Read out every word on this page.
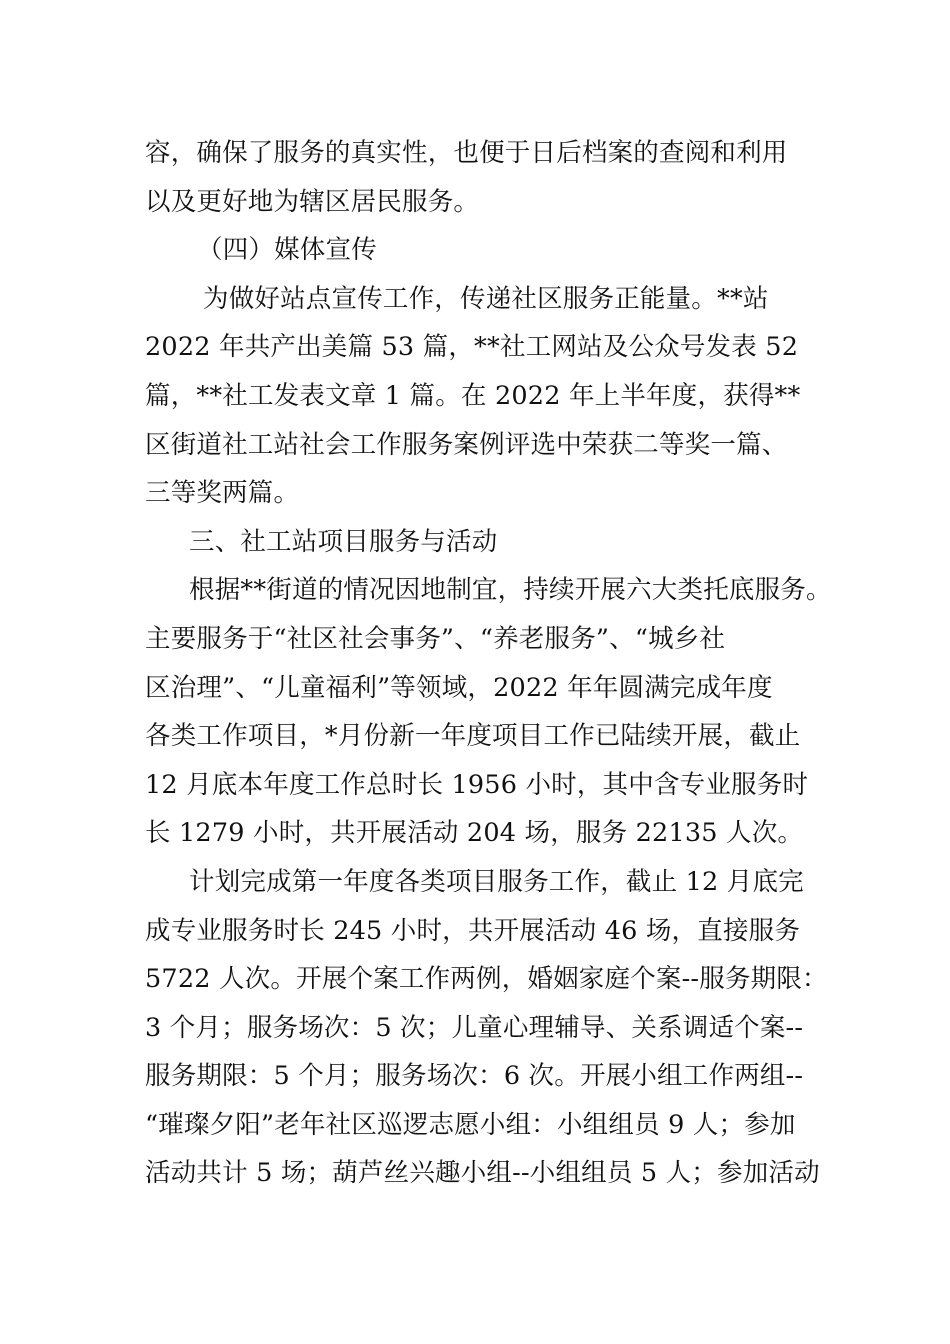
容，确保了服务的真实性，也便于日后档案的查阅和利用
以及更好地为辖区居民服务。
（四）媒体宣传
为做好站点宣传工作，传递社区服务正能量。**站
2022 年共产出美篇 53 篇，**社工网站及公众号发表 52
篇，**社工发表文章 1 篇。在 2022 年上半年度，获得**
区街道社工站社会工作服务案例评选中荣获二等奖一篇、
三等奖两篇。
三、社工站项目服务与活动
根据**街道的情况因地制宜，持续开展六大类托底服务。
主要服务于“社区社会事务”、“养老服务”、“城乡社
区治理”、“儿童福利”等领域，2022 年年圆满完成年度
各类工作项目，*月份新一年度项目工作已陆续开展，截止
12 月底本年度工作总时长 1956 小时，其中含专业服务时
长 1279 小时，共开展活动 204 场，服务 22135 人次。
计划完成第一年度各类项目服务工作，截止 12 月底完
成专业服务时长 245 小时，共开展活动 46 场，直接服务
5722 人次。开展个案工作两例，婚姻家庭个案--服务期限：
3 个月；服务场次：5 次；儿童心理辅导、关系调适个案--
服务期限：5 个月；服务场次：6 次。开展小组工作两组--
“璀璨夕阳”老年社区巡逻志愿小组：小组组员 9 人；参加
活动共计 5 场；葫芦丝兴趣小组--小组组员 5 人；参加活动
